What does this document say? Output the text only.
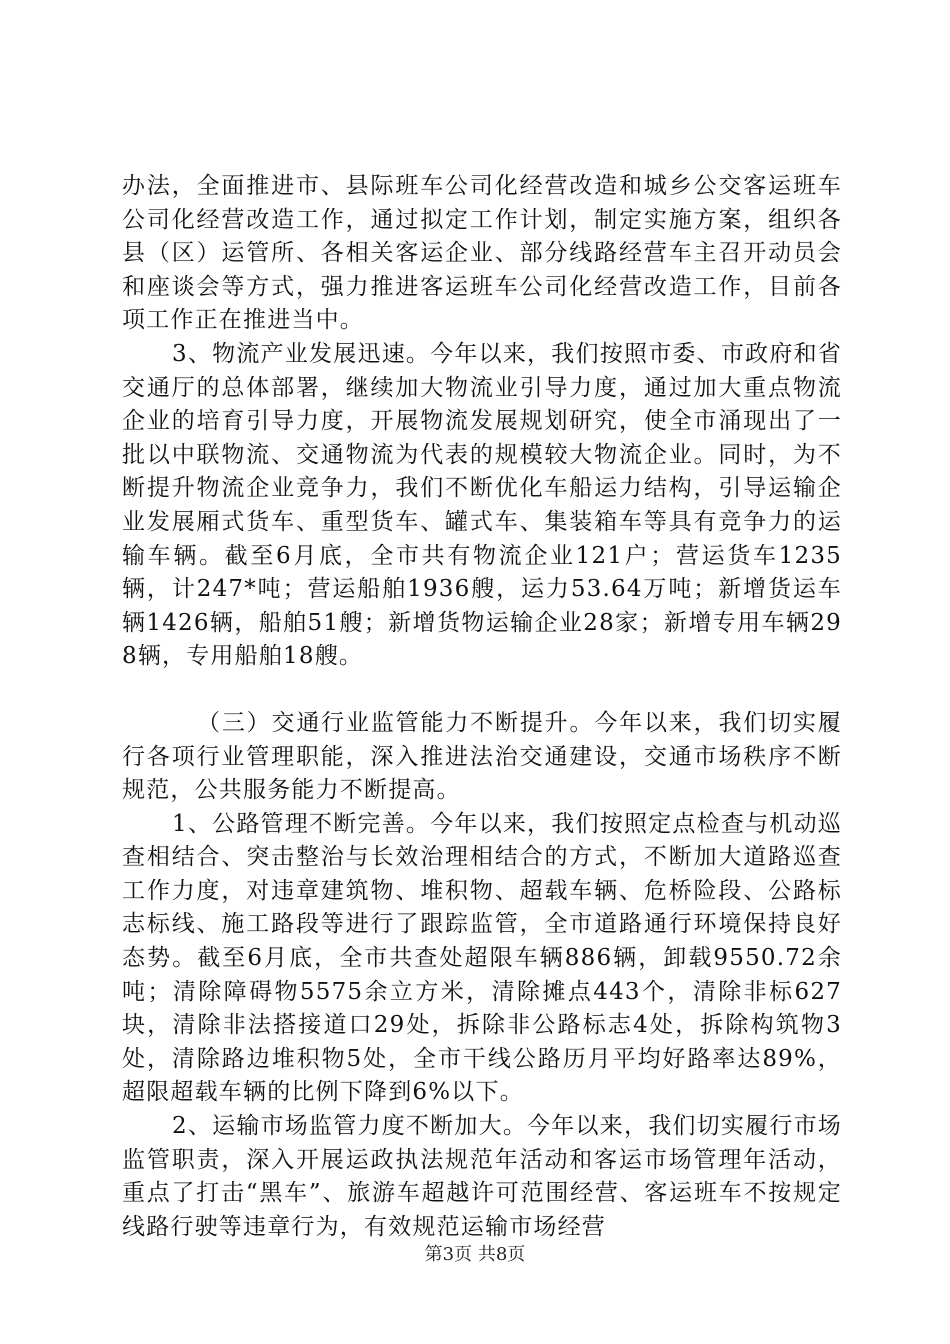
办法，全面推进市、县际班车公司化经营改造和城乡公交客运班车公司化经营改造工作，通过拟定工作计划，制定实施方案，组织各县（区）运管所、各相关客运企业、部分线路经营车主召开动员会和座谈会等方式，强力推进客运班车公司化经营改造工作，目前各项工作正在推进当中。

3、物流产业发展迅速。今年以来，我们按照市委、市政府和省交通厅的总体部署，继续加大物流业引导力度，通过加大重点物流企业的培育引导力度，开展物流发展规划研究，使全市涌现出了一批以中联物流、交通物流为代表的规模较大物流企业。同时，为不断提升物流企业竞争力，我们不断优化车船运力结构，引导运输企业发展厢式货车、重型货车、罐式车、集装箱车等具有竞争力的运输车辆。截至6月底，全市共有物流企业121户；营运货车1235辆，计247*吨；营运船舶1936艘，运力53.64万吨；新增货运车辆1426辆，船舶51艘；新增货物运输企业28家；新增专用车辆298辆，专用船舶18艘。

（三）交通行业监管能力不断提升。今年以来，我们切实履行各项行业管理职能，深入推进法治交通建设，交通市场秩序不断规范，公共服务能力不断提高。

1、公路管理不断完善。今年以来，我们按照定点检查与机动巡查相结合、突击整治与长效治理相结合的方式，不断加大道路巡查工作力度，对违章建筑物、堆积物、超载车辆、危桥险段、公路标志标线、施工路段等进行了跟踪监管，全市道路通行环境保持良好态势。截至6月底，全市共查处超限车辆886辆，卸载9550.72余吨；清除障碍物5575余立方米，清除摊点443个，清除非标627块，清除非法搭接道口29处，拆除非公路标志4处，拆除构筑物3处，清除路边堆积物5处，全市干线公路历月平均好路率达89%，超限超载车辆的比例下降到6%以下。

2、运输市场监管力度不断加大。今年以来，我们切实履行市场监管职责，深入开展运政执法规范年活动和客运市场管理年活动，重点了打击“黑车”、旅游车超越许可范围经营、客运班车不按规定线路行驶等违章行为，有效规范运输市场经营

第3页 共8页
